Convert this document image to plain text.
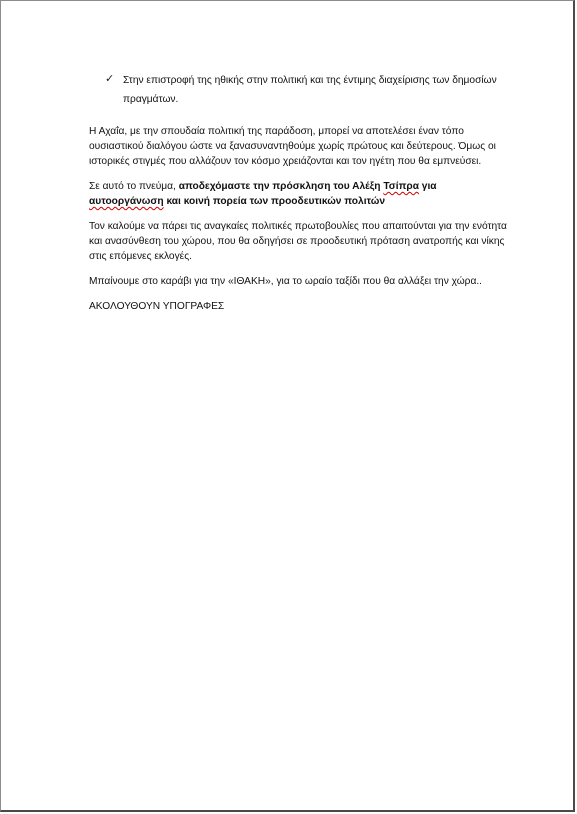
✓ Στην επιστροφή της ηθικής στην πολιτική και της έντιμης διαχείρισης των δημοσίων πραγμάτων.

Η Αχαΐα, με την σπουδαία πολιτική της παράδοση, μπορεί να αποτελέσει έναν τόπο ουσιαστικού διαλόγου ώστε να ξανασυναντηθούμε χωρίς πρώτους και δεύτερους. Όμως οι ιστορικές στιγμές που αλλάζουν τον κόσμο χρειάζονται και τον ηγέτη που θα εμπνεύσει.

Σε αυτό το πνεύμα, αποδεχόμαστε την πρόσκληση του Αλέξη Τσίπρα για αυτοοργάνωση και κοινή πορεία των προοδευτικών πολιτών

Τον καλούμε να πάρει τις αναγκαίες πολιτικές πρωτοβουλίες που απαιτούνται για την ενότητα και ανασύνθεση του χώρου, που θα οδηγήσει σε προοδευτική πρόταση ανατροπής και νίκης στις επόμενες εκλογές.

Μπαίνουμε στο καράβι για την «ΙΘΑΚΗ», για το ωραίο ταξίδι που θα αλλάξει την χώρα..

ΑΚΟΛΟΥΘΟΥΝ ΥΠΟΓΡΑΦΕΣ
